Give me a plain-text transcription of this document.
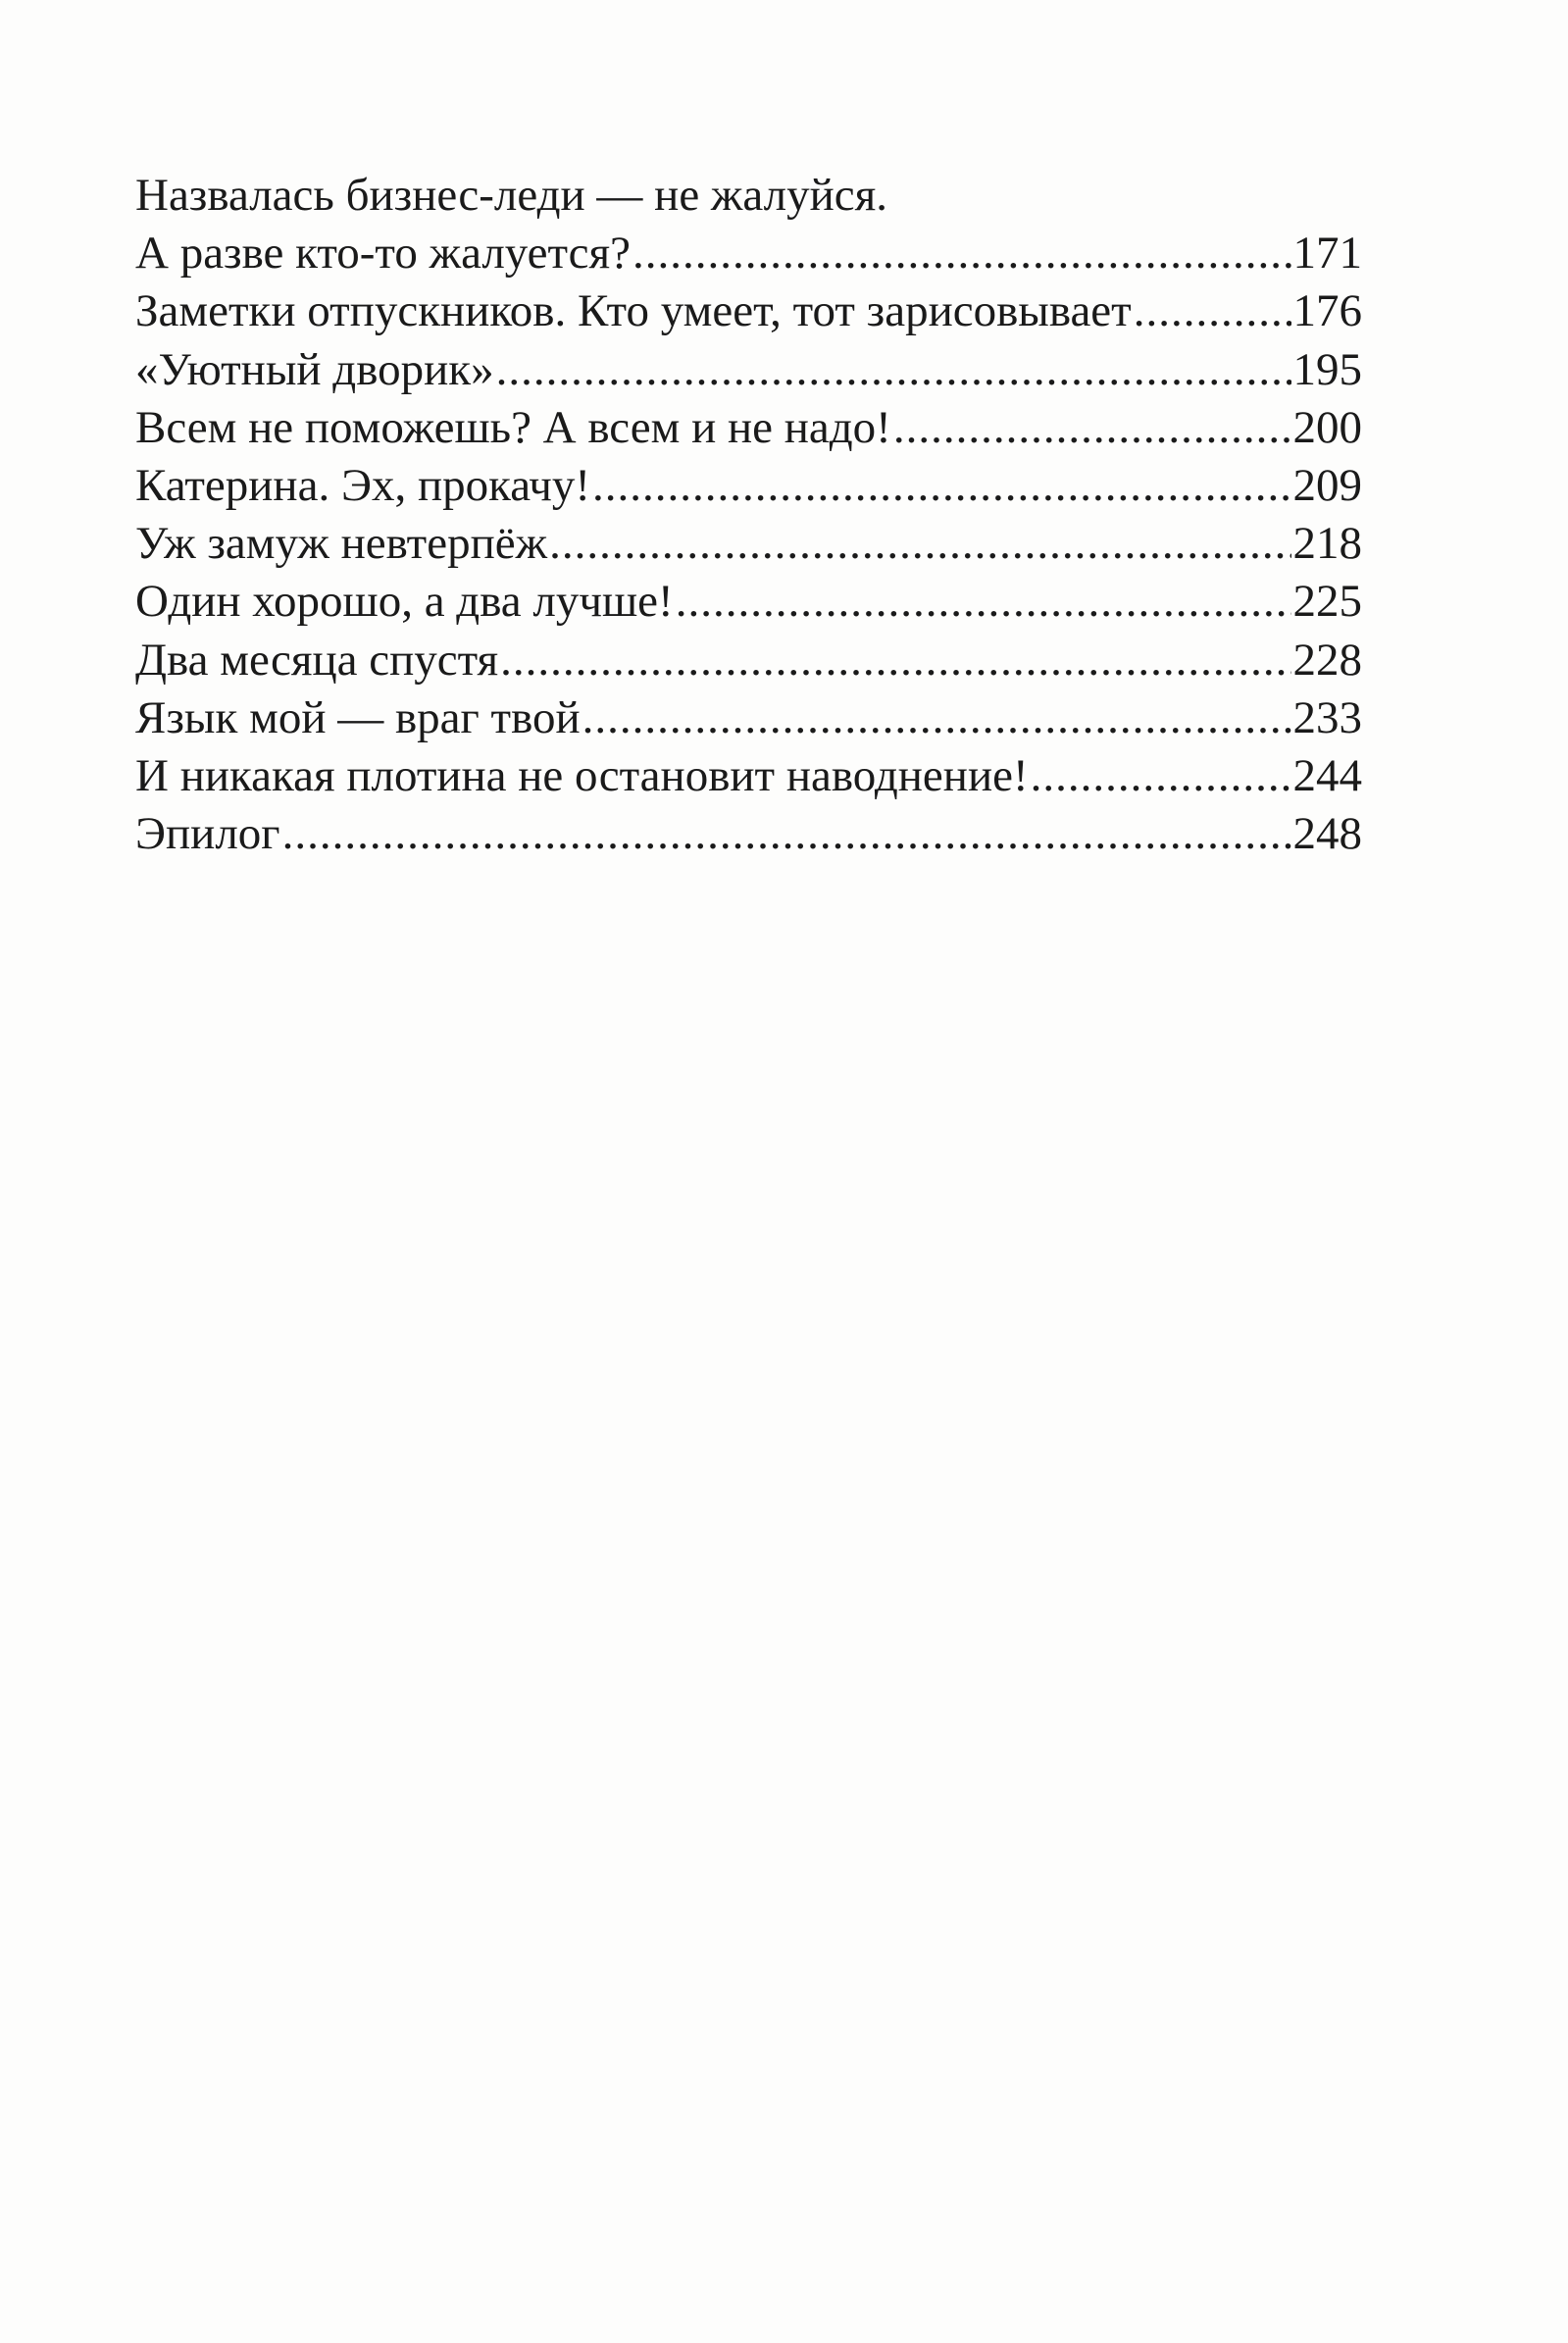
Назвалась бизнес-леди — не жалуйся.
А разве кто-то жалуется? .....	171
Заметки отпускников. Кто умеет, тот зарисовывает .....	176
«Уютный дворик» .....	195
Всем не поможешь? А всем и не надо! .....	200
Катерина. Эх, прокачу! .....	209
Уж замуж невтерпёж .....	218
Один хорошо, а два лучше! .....	225
Два месяца спустя .....	228
Язык мой — враг твой .....	233
И никакая плотина не остановит наводнение! .....	244
Эпилог .....	248
